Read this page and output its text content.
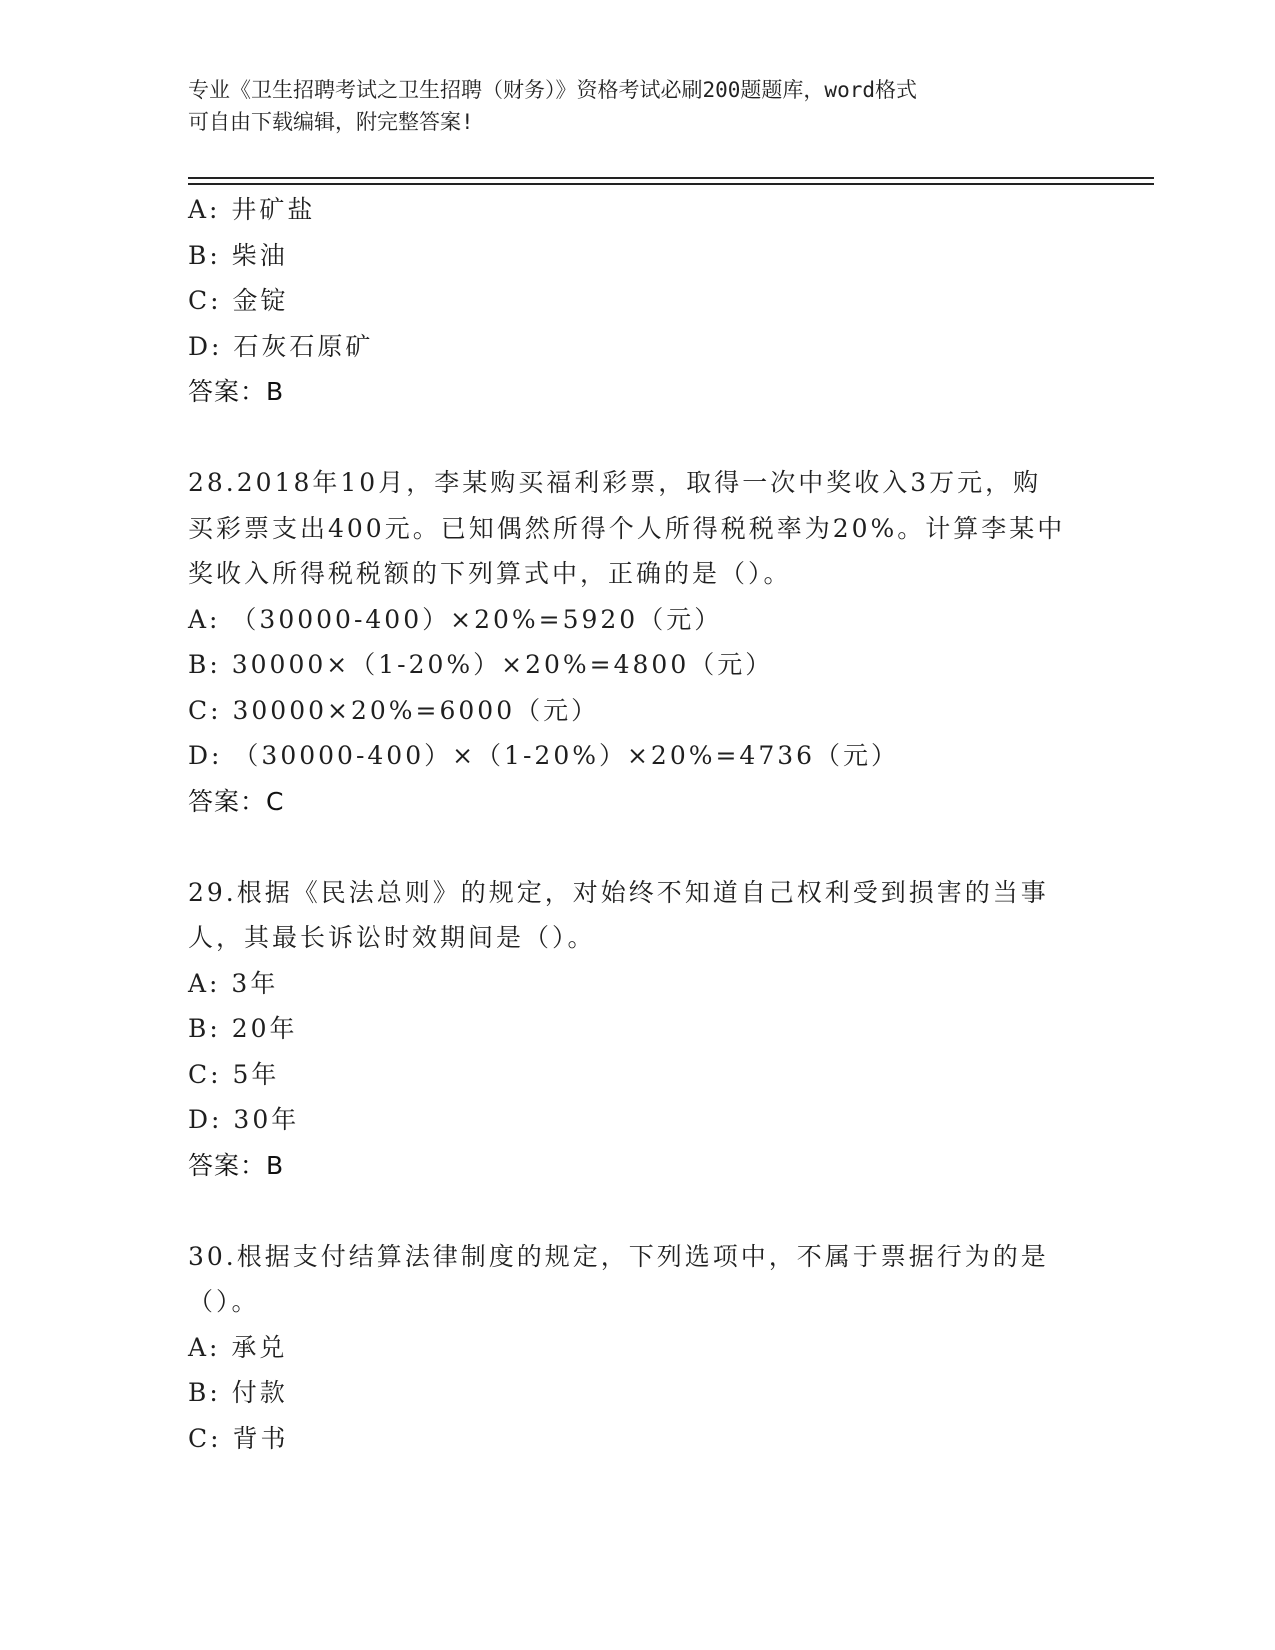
专业《卫生招聘考试之卫生招聘（财务）》资格考试必刷200题题库，word格式
可自由下载编辑，附完整答案!
A: 井矿盐
B: 柴油
C: 金锭
D: 石灰石原矿
答案：B
28.2018年10月，李某购买福利彩票，取得一次中奖收入3万元，购
买彩票支出400元。已知偶然所得个人所得税税率为20%。计算李某中
奖收入所得税税额的下列算式中，正确的是（）。
A: （30000-400）×20%=5920（元）
B: 30000×（1-20%）×20%=4800（元）
C: 30000×20%=6000（元）
D: （30000-400）×（1-20%）×20%=4736（元）
答案：C
29.根据《民法总则》的规定，对始终不知道自己权利受到损害的当事
人，其最长诉讼时效期间是（）。
A: 3年
B: 20年
C: 5年
D: 30年
答案：B
30.根据支付结算法律制度的规定，下列选项中，不属于票据行为的是
（）。
A: 承兑
B: 付款
C: 背书
